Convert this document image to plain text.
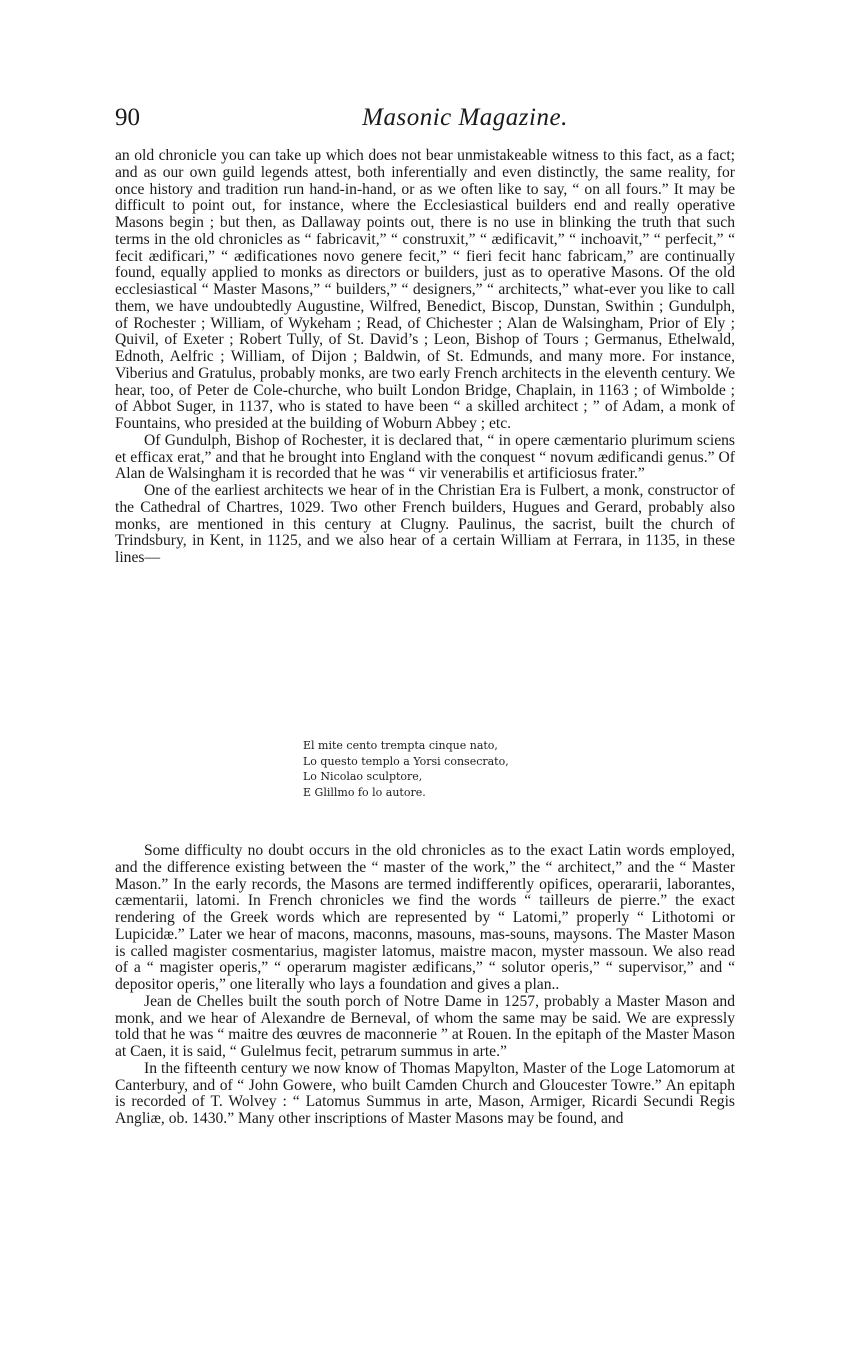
90	Masonic Magazine.

an old chronicle you can take up which does not bear unmistakeable witness to this fact, as a fact; and as our own guild legends attest, both inferentially and even distinctly, the same reality, for once history and tradition run hand-in-hand, or as we often like to say, “ on all fours.” It may be difficult to point out, for instance, where the Ecclesiastical builders end and really operative Masons begin ; but then, as Dallaway points out, there is no use in blinking the truth that such terms in the old chronicles as “ fabricavit,” “ construxit,” “ ædificavit,” “ inchoavit,” “ perfecit,” “ fecit ædificari,” “ ædificationes novo genere fecit,” “ fieri fecit hanc fabricam,” are continually found, equally applied to monks as directors or builders, just as to operative Masons. Of the old ecclesiastical “ Master Masons,” “ builders,” “ designers,” “ architects,” what-ever you like to call them, we have undoubtedly Augustine, Wilfred, Benedict, Biscop, Dunstan, Swithin ; Gundulph, of Rochester ; William, of Wykeham ; Read, of Chichester ; Alan de Walsingham, Prior of Ely ; Quivil, of Exeter ; Robert Tully, of St. David’s ; Leon, Bishop of Tours ; Germanus, Ethelwald, Ednoth, Aelfric ; William, of Dijon ; Baldwin, of St. Edmunds, and many more. For instance, Viberius and Gratulus, probably monks, are two early French architects in the eleventh century. We hear, too, of Peter de Cole-churche, who built London Bridge, Chaplain, in 1163 ; of Wimbolde ; of Abbot Suger, in 1137, who is stated to have been “ a skilled architect ; ” of Adam, a monk of Fountains, who presided at the building of Woburn Abbey ; etc.

Of Gundulph, Bishop of Rochester, it is declared that, “ in opere cæmentario plurimum sciens et efficax erat,” and that he brought into England with the conquest “ novum ædificandi genus.” Of Alan de Walsingham it is recorded that he was “ vir venerabilis et artificiosus frater.”

One of the earliest architects we hear of in the Christian Era is Fulbert, a monk, constructor of the Cathedral of Chartres, 1029. Two other French builders, Hugues and Gerard, probably also monks, are mentioned in this century at Clugny. Paulinus, the sacrist, built the church of Trindsbury, in Kent, in 1125, and we also hear of a certain William at Ferrara, in 1135, in these lines—

El mite cento trempta cinque nato,
Lo questo templo a Yorsi consecrato,
Lo Nicolao sculptore,
E Glillmo fo lo autore.

Some difficulty no doubt occurs in the old chronicles as to the exact Latin words employed, and the difference existing between the “ master of the work,” the “ architect,” and the “ Master Mason.” In the early records, the Masons are termed indifferently opifices, operararii, laborantes, cæmentarii, latomi. In French chronicles we find the words “ tailleurs de pierre.” the exact rendering of the Greek words which are represented by “ Latomi,” properly “ Lithotomi or Lupicidæ.” Later we hear of macons, maconns, masouns, mas-souns, maysons. The Master Mason is called magister cosmentarius, magister latomus, maistre macon, myster massoun. We also read of a “ magister operis,” “ operarum magister ædificans,” “ solutor operis,” “ supervisor,” and “ depositor operis,” one literally who lays a foundation and gives a plan..

Jean de Chelles built the south porch of Notre Dame in 1257, probably a Master Mason and monk, and we hear of Alexandre de Berneval, of whom the same may be said. We are expressly told that he was “ maitre des œuvres de maconnerie ” at Rouen. In the epitaph of the Master Mason at Caen, it is said, “ Gulelmus fecit, petrarum summus in arte.”

In the fifteenth century we now know of Thomas Mapylton, Master of the Loge Latomorum at Canterbury, and of “ John Gowere, who built Camden Church and Gloucester Towre.” An epitaph is recorded of T. Wolvey : “ Latomus Summus in arte, Mason, Armiger, Ricardi Secundi Regis Angliæ, ob. 1430.” Many other inscriptions of Master Masons may be found, and
